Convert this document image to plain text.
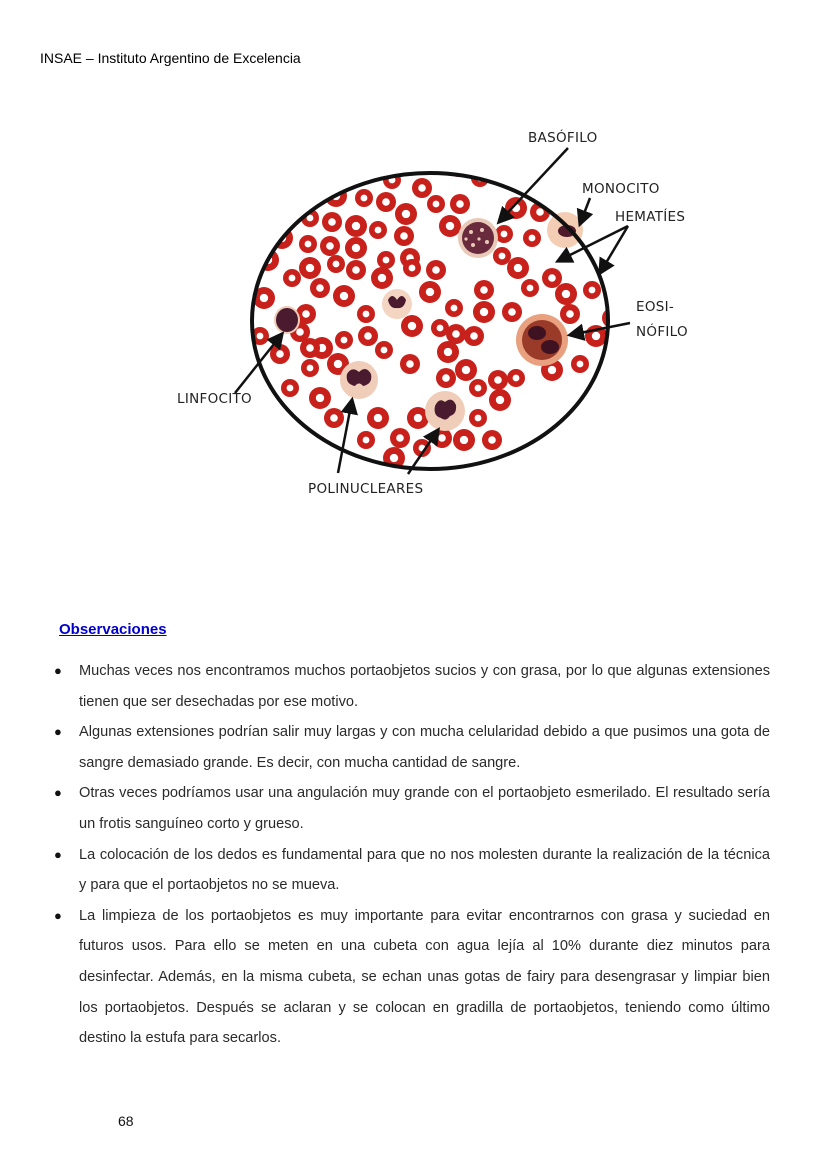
INSAE – Instituto Argentino de Excelencia
BASÓFILO
MONOCITO
HEMATÍES
EOSI-
NÓFILO
LINFOCITO
POLINUCLEARES
Observaciones
● Muchas veces nos encontramos muchos portaobjetos sucios y con grasa, por lo que algunas extensiones tienen que ser desechadas por ese motivo.
● Algunas extensiones podrían salir muy largas y con mucha celularidad debido a que pusimos una gota de sangre demasiado grande. Es decir, con mucha cantidad de sangre.
● Otras veces podríamos usar una angulación muy grande con el portaobjeto esmerilado. El resultado sería un frotis sanguíneo corto y grueso.
● La colocación de los dedos es fundamental para que no nos molesten durante la realización de la técnica y para que el portaobjetos no se mueva.
● La limpieza de los portaobjetos es muy importante para evitar encontrarnos con grasa y suciedad en futuros usos. Para ello se meten en una cubeta con agua lejía al 10% durante diez minutos para desinfectar. Además, en la misma cubeta, se echan unas gotas de fairy para desengrasar y limpiar bien los portaobjetos. Después se aclaran y se colocan en gradilla de portaobjetos, teniendo como último destino la estufa para secarlos.
68
